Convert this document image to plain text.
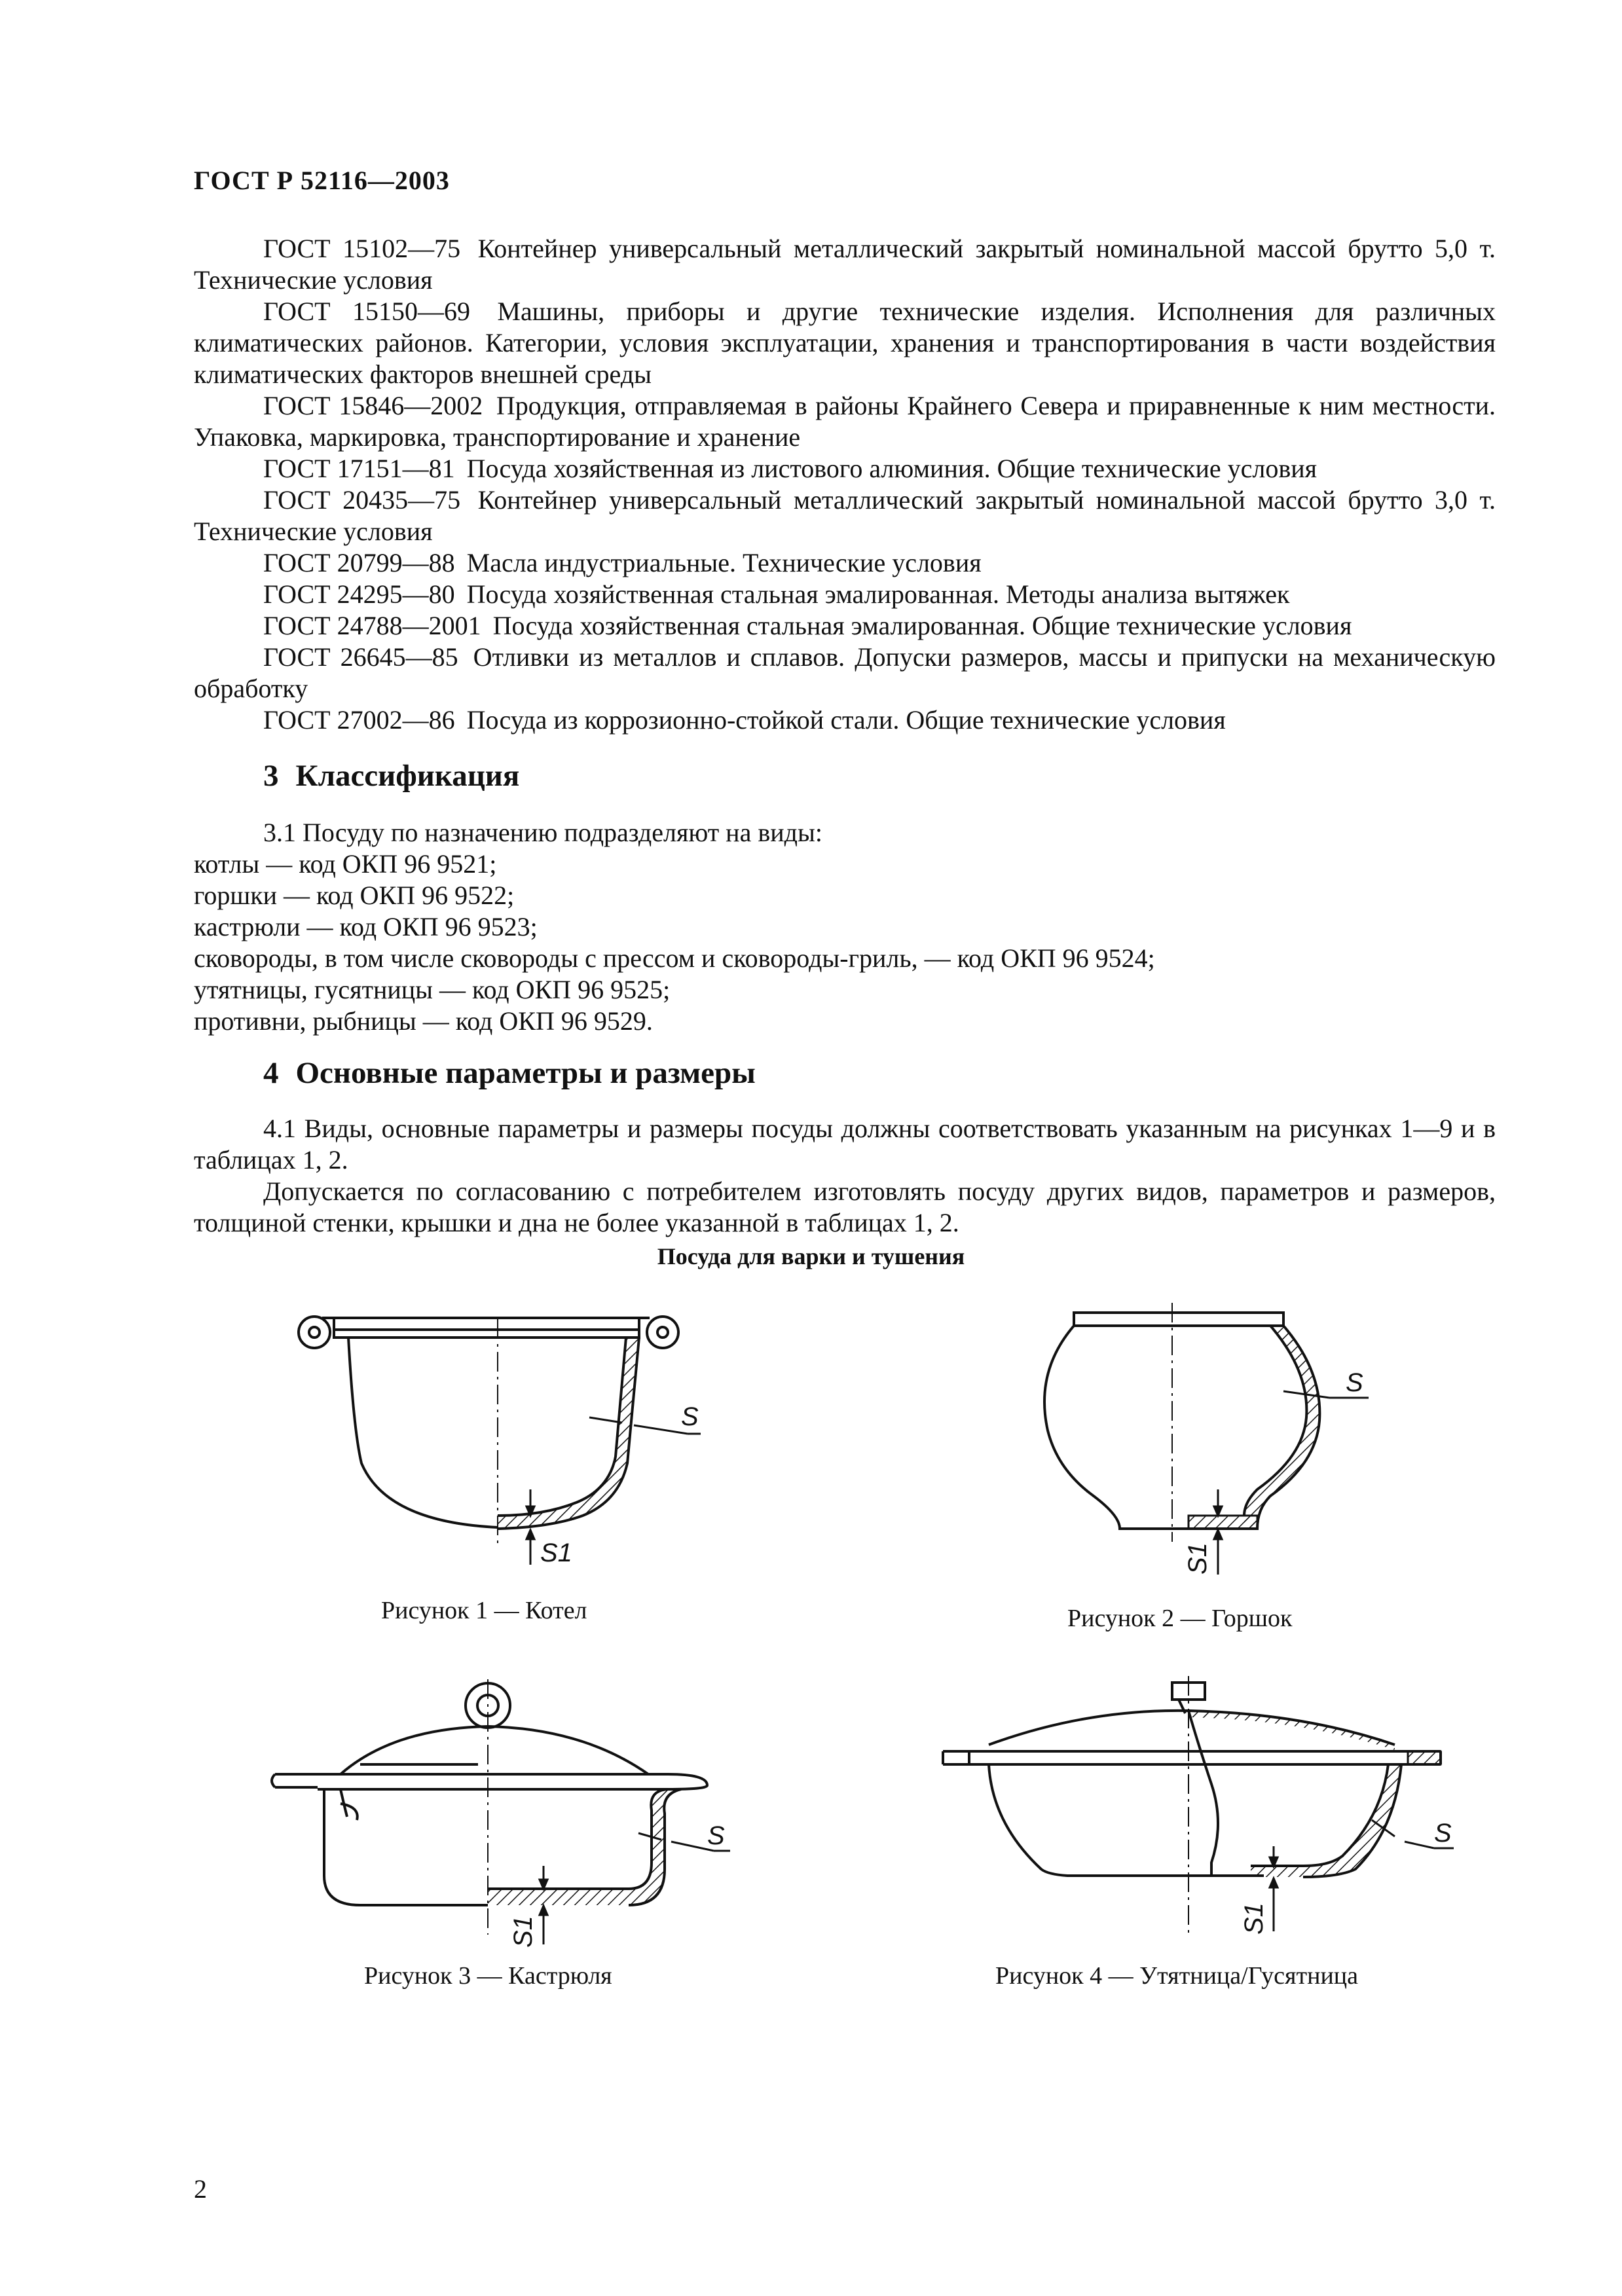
ГОСТ Р 52116—2003

ГОСТ 15102—75 Контейнер универсальный металлический закрытый номинальной массой брутто 5,0 т. Технические условия

ГОСТ 15150—69 Машины, приборы и другие технические изделия. Исполнения для различных климатических районов. Категории, условия эксплуатации, хранения и транспортирования в части воздействия климатических факторов внешней среды

ГОСТ 15846—2002 Продукция, отправляемая в районы Крайнего Севера и приравненные к ним местности. Упаковка, маркировка, транспортирование и хранение

ГОСТ 17151—81 Посуда хозяйственная из листового алюминия. Общие технические условия

ГОСТ 20435—75 Контейнер универсальный металлический закрытый номинальной массой брутто 3,0 т. Технические условия

ГОСТ 20799—88 Масла индустриальные. Технические условия

ГОСТ 24295—80 Посуда хозяйственная стальная эмалированная. Методы анализа вытяжек

ГОСТ 24788—2001 Посуда хозяйственная стальная эмалированная. Общие технические условия

ГОСТ 26645—85 Отливки из металлов и сплавов. Допуски размеров, массы и припуски на механическую обработку

ГОСТ 27002—86 Посуда из коррозионно-стойкой стали. Общие технические условия

3 Классификация

3.1 Посуду по назначению подразделяют на виды:

котлы — код ОКП 96 9521;

горшки — код ОКП 96 9522;

кастрюли — код ОКП 96 9523;

сковороды, в том числе сковороды с прессом и сковороды-гриль, — код ОКП 96 9524;

утятницы, гусятницы — код ОКП 96 9525;

противни, рыбницы — код ОКП 96 9529.

4 Основные параметры и размеры

4.1 Виды, основные параметры и размеры посуды должны соответствовать указанным на рисунках 1—9 и в таблицах 1, 2.

Допускается по согласованию с потребителем изготовлять посуду других видов, параметров и размеров, толщиной стенки, крышки и дна не более указанной в таблицах 1, 2.

Посуда для варки и тушения
S
S1
Рисунок 1 — Котел
S
S1
Рисунок 2 — Горшок
S
S1
Рисунок 3 — Кастрюля
S
S1
Рисунок 4 — Утятница/Гусятница
2
